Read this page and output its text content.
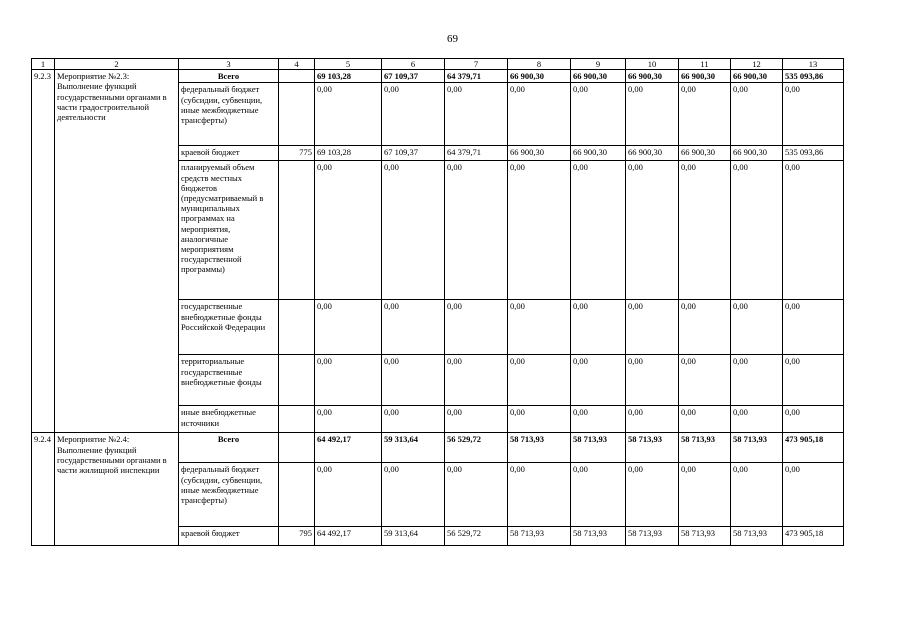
69
1	2	3	4	5	6	7	8	9	10	11	12	13
9.2.3	Мероприятие №2.3: Выполнение функций государственными органами в части градостроительной деятельности	Всего		69 103,28	67 109,37	64 379,71	66 900,30	66 900,30	66 900,30	66 900,30	66 900,30	535 093,86
		федеральный бюджет (субсидии, субвенции, иные межбюджетные трансферты)		0,00	0,00	0,00	0,00	0,00	0,00	0,00	0,00	0,00
		краевой бюджет	775	69 103,28	67 109,37	64 379,71	66 900,30	66 900,30	66 900,30	66 900,30	66 900,30	535 093,86
		планируемый объем средств местных бюджетов (предусматриваемый в муниципальных программах на мероприятия, аналогичные мероприятиям государственной программы)		0,00	0,00	0,00	0,00	0,00	0,00	0,00	0,00	0,00
		государственные внебюджетные фонды Российской Федерации		0,00	0,00	0,00	0,00	0,00	0,00	0,00	0,00	0,00
		территориальные государственные внебюджетные фонды		0,00	0,00	0,00	0,00	0,00	0,00	0,00	0,00	0,00
		иные внебюджетные источники		0,00	0,00	0,00	0,00	0,00	0,00	0,00	0,00	0,00
9.2.4	Мероприятие №2.4: Выполнение функций государственными органами в части жилищной инспекции	Всего		64 492,17	59 313,64	56 529,72	58 713,93	58 713,93	58 713,93	58 713,93	58 713,93	473 905,18
		федеральный бюджет (субсидии, субвенции, иные межбюджетные трансферты)		0,00	0,00	0,00	0,00	0,00	0,00	0,00	0,00	0,00
		краевой бюджет	795	64 492,17	59 313,64	56 529,72	58 713,93	58 713,93	58 713,93	58 713,93	58 713,93	473 905,18
